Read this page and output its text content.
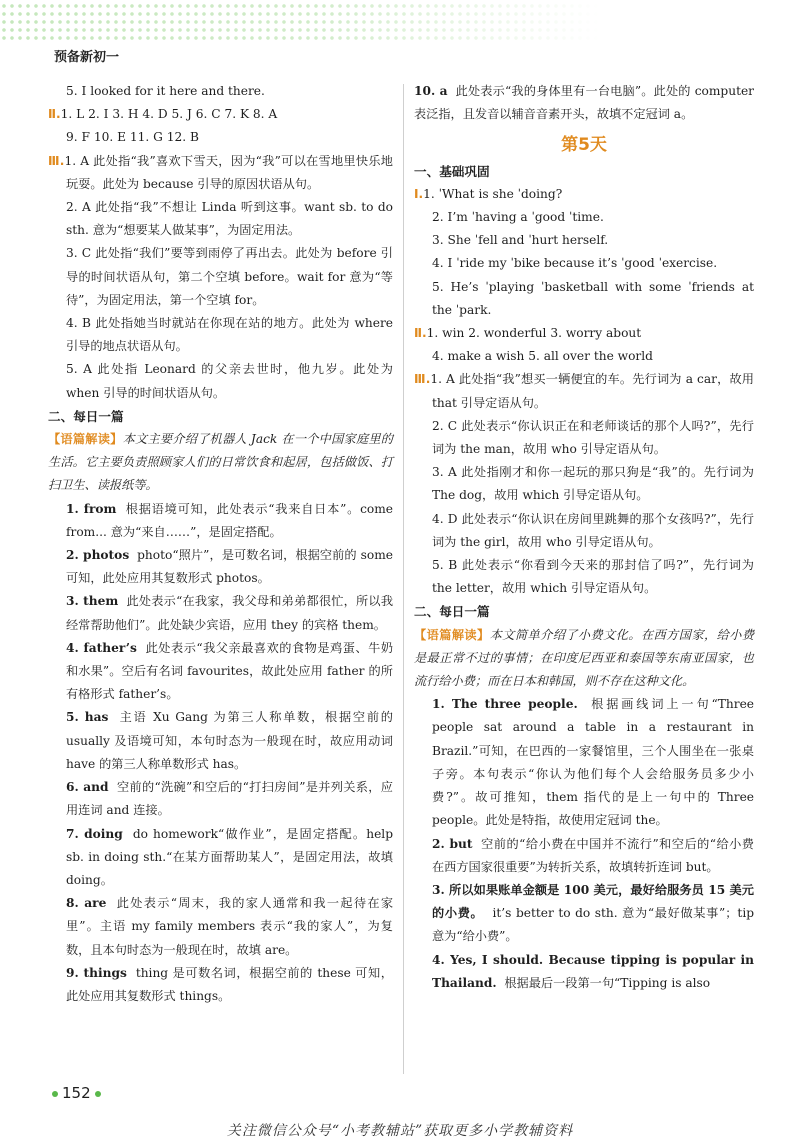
预备新初一

5. I looked for it here and there.

Ⅱ.1. L 2. I 3. H 4. D 5. J 6. C 7. K 8. A

9. F 10. E 11. G 12. B

Ⅲ.1. A 此处指“我”喜欢下雪天，因为“我”可以在雪地里快乐地玩耍。此处为 because 引导的原因状语从句。

2. A 此处指“我”不想让 Linda 听到这事。want sb. to do sth. 意为“想要某人做某事”，为固定用法。

3. C 此处指“我们”要等到雨停了再出去。此处为 before 引导的时间状语从句，第二个空填 before。wait for 意为“等待”，为固定用法，第一个空填 for。

4. B 此处指她当时就站在你现在站的地方。此处为 where 引导的地点状语从句。

5. A 此处指 Leonard 的父亲去世时，他九岁。此处为 when 引导的时间状语从句。

二、每日一篇

【语篇解读】本文主要介绍了机器人 Jack 在一个中国家庭里的生活。它主要负责照顾家人们的日常饮食和起居，包括做饭、打扫卫生、读报纸等。

1. from 根据语境可知，此处表示“我来自日本”。come from... 意为“来自……”，是固定搭配。

2. photos photo“照片”，是可数名词，根据空前的 some 可知，此处应用其复数形式 photos。

3. them 此处表示“在我家，我父母和弟弟都很忙，所以我经常帮助他们”。此处缺少宾语，应用 they 的宾格 them。

4. father’s 此处表示“我父亲最喜欢的食物是鸡蛋、牛奶和水果”。空后有名词 favourites，故此处应用 father 的所有格形式 father’s。

5. has 主语 Xu Gang 为第三人称单数，根据空前的 usually 及语境可知，本句时态为一般现在时，故应用动词 have 的第三人称单数形式 has。

6. and 空前的“洗碗”和空后的“打扫房间”是并列关系，应用连词 and 连接。

7. doing do homework“做作业”，是固定搭配。help sb. in doing sth.“在某方面帮助某人”，是固定用法，故填 doing。

8. are 此处表示“周末，我的家人通常和我一起待在家里”。主语 my family members 表示“我的家人”，为复数，且本句时态为一般现在时，故填 are。

9. things thing 是可数名词，根据空前的 these 可知，此处应用其复数形式 things。

10. a 此处表示“我的身体里有一台电脑”。此处的 computer 表泛指，且发音以辅音音素开头，故填不定冠词 a。

第5天

一、基础巩固

Ⅰ.1. ˈWhat is she ˈdoing?

2. I’m ˈhaving a ˈgood ˈtime.

3. She ˈfell and ˈhurt herself.

4. I ˈride my ˈbike because it’s ˈgood ˈexercise.

5. He’s ˈplaying ˈbasketball with some ˈfriends at the ˈpark.

Ⅱ.1. win 2. wonderful 3. worry about

4. make a wish 5. all over the world

Ⅲ.1. A 此处指“我”想买一辆便宜的车。先行词为 a car，故用 that 引导定语从句。

2. C 此处表示“你认识正在和老师谈话的那个人吗?”，先行词为 the man，故用 who 引导定语从句。

3. A 此处指刚才和你一起玩的那只狗是“我”的。先行词为 The dog，故用 which 引导定语从句。

4. D 此处表示“你认识在房间里跳舞的那个女孩吗?”，先行词为 the girl，故用 who 引导定语从句。

5. B 此处表示“你看到今天来的那封信了吗?”，先行词为 the letter，故用 which 引导定语从句。

二、每日一篇

【语篇解读】本文简单介绍了小费文化。在西方国家，给小费是最正常不过的事情；在印度尼西亚和泰国等东南亚国家，也流行给小费；而在日本和韩国，则不存在这种文化。

1. The three people. 根据画线词上一句“Three people sat around a table in a restaurant in Brazil.”可知，在巴西的一家餐馆里，三个人围坐在一张桌子旁。本句表示“你认为他们每个人会给服务员多少小费?”。故可推知，them 指代的是上一句中的 Three people。此处是特指，故使用定冠词 the。

2. but 空前的“给小费在中国并不流行”和空后的“给小费在西方国家很重要”为转折关系，故填转折连词 but。

3. 所以如果账单金额是 100 美元，最好给服务员 15 美元的小费。 it’s better to do sth. 意为“最好做某事”；tip 意为“给小费”。

4. Yes, I should. Because tipping is popular in Thailand. 根据最后一段第一句“Tipping is also

152
关注微信公众号“小考教辅站”获取更多小学教辅资料
